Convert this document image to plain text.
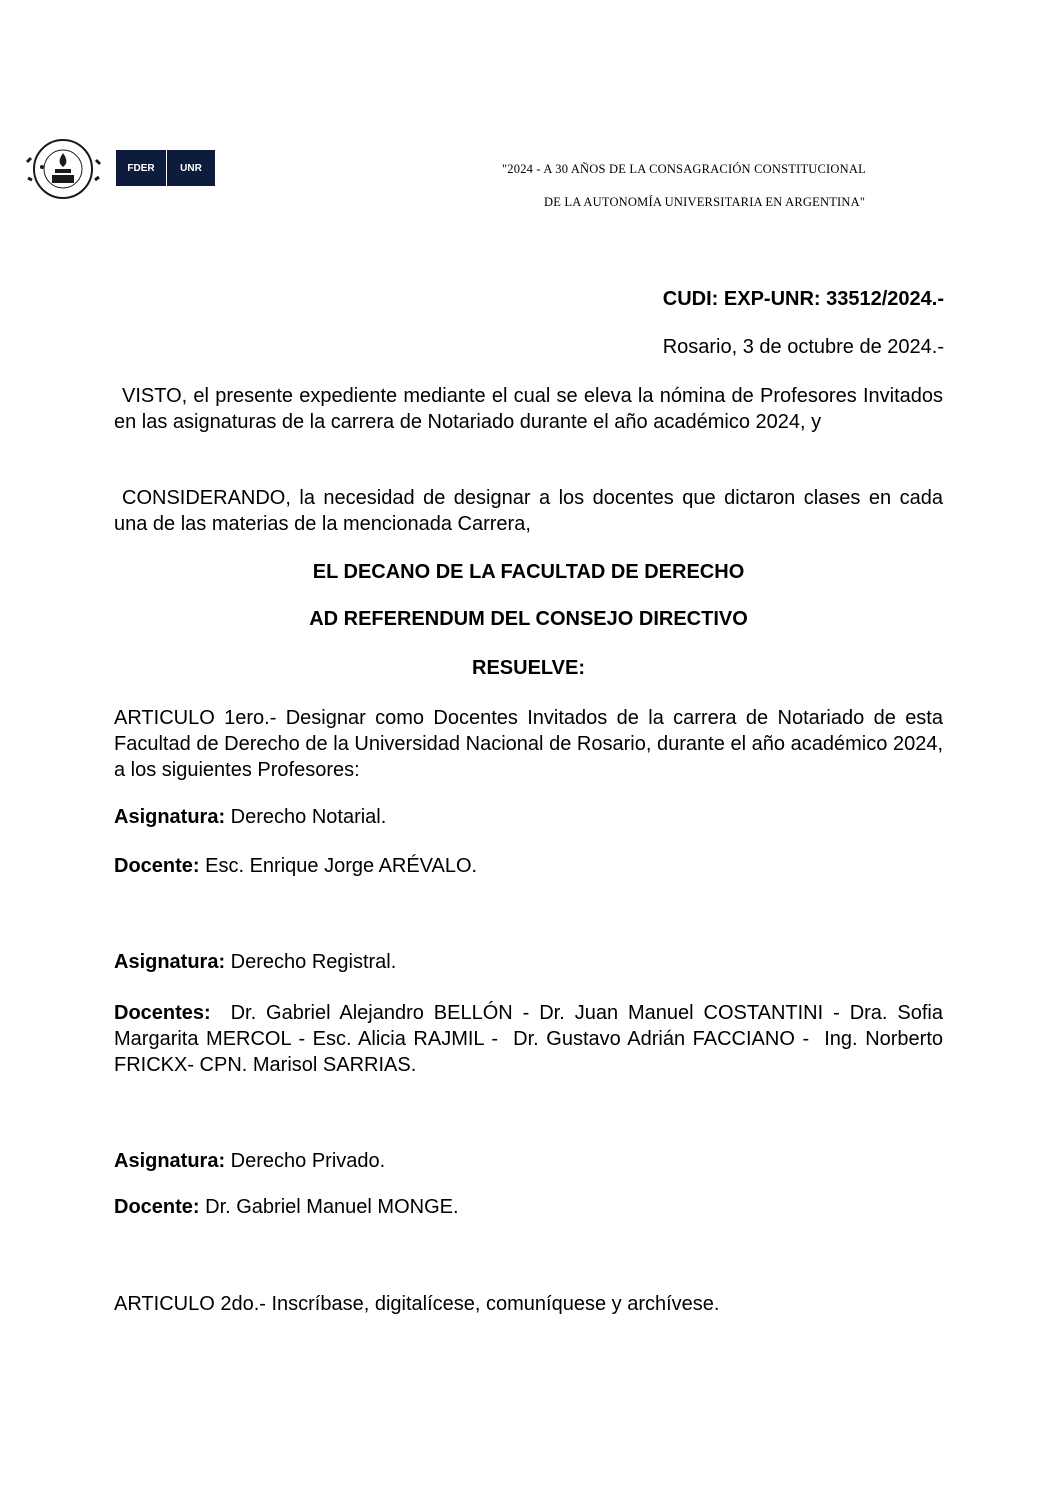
FDER	UNR	"2024 - A 30 AÑOS DE LA CONSAGRACIÓN CONSTITUCIONAL
DE LA AUTONOMÍA UNIVERSITARIA EN ARGENTINA"
CUDI: EXP-UNR: 33512/2024.-
Rosario, 3 de octubre de 2024.-

VISTO, el presente expediente mediante el cual se eleva la nómina de Profesores Invitados en las asignaturas de la carrera de Notariado durante el año académico 2024, y

CONSIDERANDO, la necesidad de designar a los docentes que dictaron clases en cada una de las materias de la mencionada Carrera,

EL DECANO DE LA FACULTAD DE DERECHO
AD REFERENDUM DEL CONSEJO DIRECTIVO
RESUELVE:

ARTICULO 1ero.- Designar como Docentes Invitados de la carrera de Notariado de esta Facultad de Derecho de la Universidad Nacional de Rosario, durante el año académico 2024, a los siguientes Profesores:

Asignatura: Derecho Notarial.
Docente: Esc. Enrique Jorge ARÉVALO.
Asignatura: Derecho Registral.

Docentes:  Dr. Gabriel Alejandro BELLÓN - Dr. Juan Manuel COSTANTINI - Dra. Sofia Margarita MERCOL - Esc. Alicia RAJMIL -  Dr. Gustavo Adrián FACCIANO -  Ing. Norberto FRICKX- CPN. Marisol SARRIAS.

Asignatura: Derecho Privado.
Docente: Dr. Gabriel Manuel MONGE.
ARTICULO 2do.- Inscríbase, digitalícese, comuníquese y archívese.
